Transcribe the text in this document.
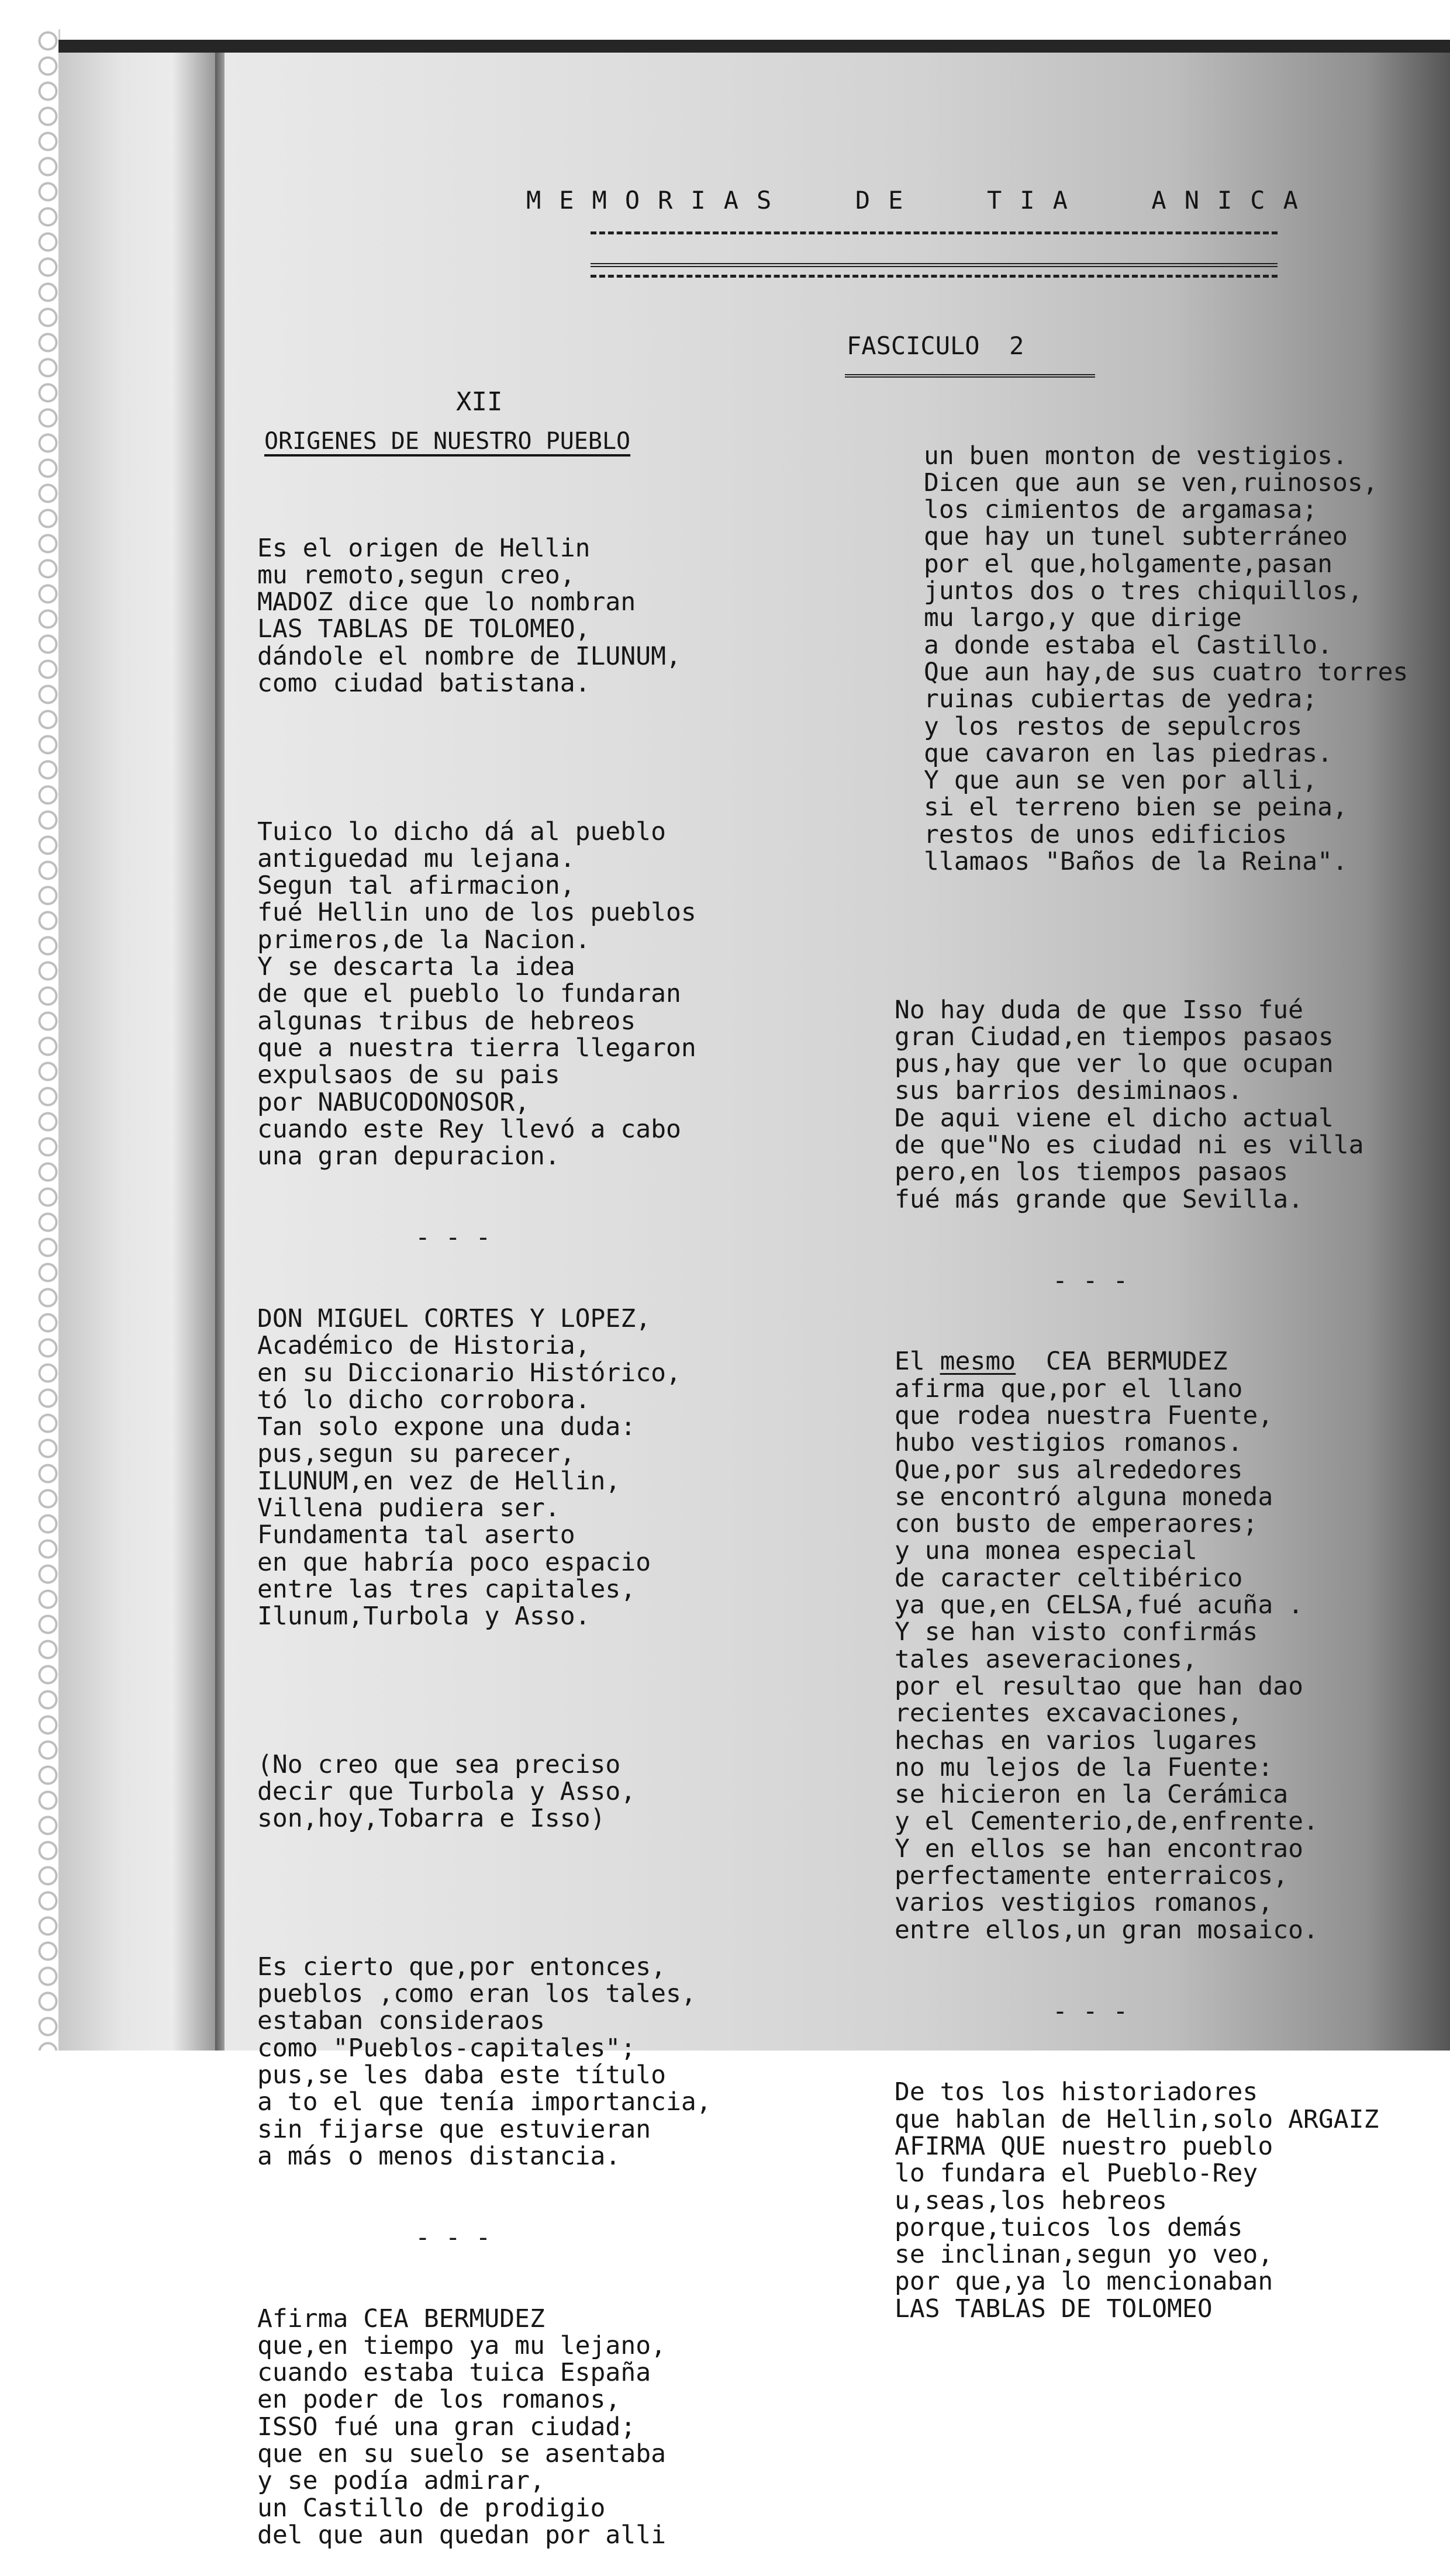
MEMORIAS  DE  TIA  ANICA
FASCICULO  2
XII
ORIGENES DE NUESTRO PUEBLO

Es el origen de Hellin
mu remoto,segun creo,
MADOZ dice que lo nombran
LAS TABLAS DE TOLOMEO,
dándole el nombre de ILUNUM,
como ciudad batistana.

Tuico lo dicho dá al pueblo
antiguedad mu lejana.
Segun tal afirmacion,
fué Hellin uno de los pueblos
primeros,de la Nacion.
Y se descarta la idea
de que el pueblo lo fundaran
algunas tribus de hebreos
que a nuestra tierra llegaron
expulsaos de su pais
por NABUCODONOSOR,
cuando este Rey llevó a cabo
una gran depuracion.

- - -

DON MIGUEL CORTES Y LOPEZ,
Académico de Historia,
en su Diccionario Histórico,
tó lo dicho corrobora.
Tan solo expone una duda:
pus,segun su parecer,
ILUNUM,en vez de Hellin,
Villena pudiera ser.
Fundamenta tal aserto
en que habría poco espacio
entre las tres capitales,
Ilunum,Turbola y Asso.

(No creo que sea preciso
decir que Turbola y Asso,
son,hoy,Tobarra e Isso)

Es cierto que,por entonces,
pueblos ,como eran los tales,
estaban consideraos
como "Pueblos-capitales";
pus,se les daba este título
a to el que tenía importancia,
sin fijarse que estuvieran
a más o menos distancia.

- - -

Afirma CEA BERMUDEZ
que,en tiempo ya mu lejano,
cuando estaba tuica España
en poder de los romanos,
ISSO fué una gran ciudad;
que en su suelo se asentaba
y se podía admirar,
un Castillo de prodigio
del que aun quedan por alli

un buen monton de vestigios.
Dicen que aun se ven,ruinosos,
los cimientos de argamasa;
que hay un tunel subterráneo
por el que,holgamente,pasan
juntos dos o tres chiquillos,
mu largo,y que dirige
a donde estaba el Castillo.
Que aun hay,de sus cuatro torres
ruinas cubiertas de yedra;
y los restos de sepulcros
que cavaron en las piedras.
Y que aun se ven por alli,
si el terreno bien se peina,
restos de unos edificios
llamaos "Baños de la Reina".

No hay duda de que Isso fué
gran Ciudad,en tiempos pasaos
pus,hay que ver lo que ocupan
sus barrios desiminaos.
De aqui viene el dicho actual
de que"No es ciudad ni es villa
pero,en los tiempos pasaos
fué más grande que Sevilla.

- - -

El mesmo  CEA BERMUDEZ
afirma que,por el llano
que rodea nuestra Fuente,
hubo vestigios romanos.
Que,por sus alrededores
se encontró alguna moneda
con busto de emperaores;
y una monea especial
de caracter celtibérico
ya que,en CELSA,fué acuña .
Y se han visto confirmás
tales aseveraciones,
por el resultao que han dao
recientes excavaciones,
hechas en varios lugares
no mu lejos de la Fuente:
se hicieron en la Cerámica
y el Cementerio,de,enfrente.
Y en ellos se han encontrao
perfectamente enterraicos,
varios vestigios romanos,
entre ellos,un gran mosaico.

- - -

De tos los historiadores
que hablan de Hellin,solo ARGAIZ
AFIRMA QUE nuestro pueblo
lo fundara el Pueblo-Rey
u,seas,los hebreos
porque,tuicos los demás
se inclinan,segun yo veo,
por que,ya lo mencionaban
LAS TABLAS DE TOLOMEO
